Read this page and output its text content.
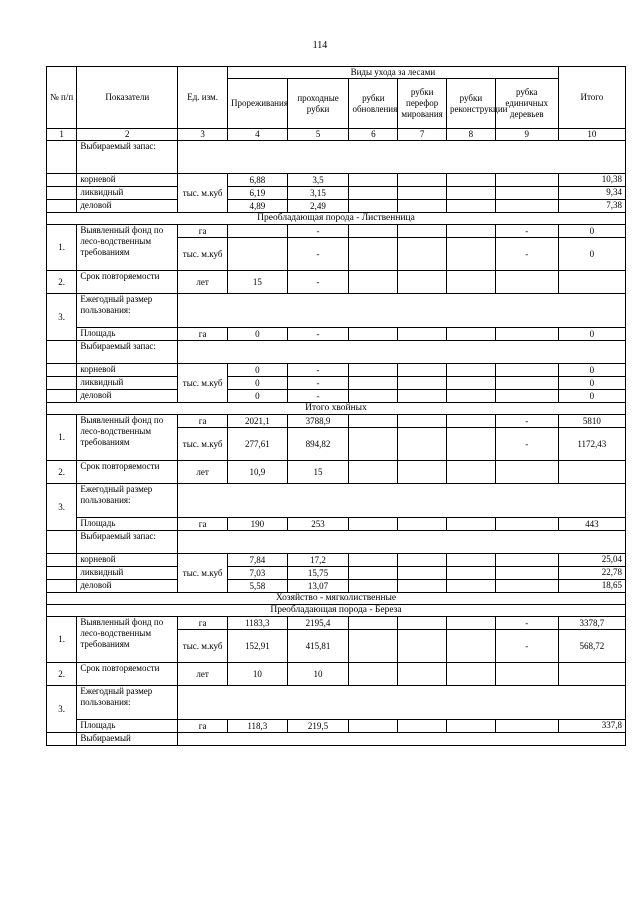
114
№ п/п	Показатели	Ед. изм.	Виды ухода за лесами						Итого
			Прореживания	проходные рубки	рубки обновления	рубки перефор мирования	рубки реконструкции	рубка единичных деревьев	
1	2	3	4	5	6	7	8	9	10
	Выбираемый запас:								
	корневой	тыс. м.куб	6,88	3,5					10,38
	ликвидный		6,19	3,15					9,34
	деловой		4,89	2,49					7,38
Преобладающая порода - Лиственница									
1.	Выявленный фонд по лесо-водственным требованиям	га		-				-	0
		тыс. м.куб		-				-	0
2.	Срок повторяемости	лет	15	-					
3.	Ежегодный размер пользования:								
	Площадь	га	0	-					0
	Выбираемый запас:								
	корневой	тыс. м.куб	0	-					0
	ликвидный		0	-					0
	деловой		0	-					0
Итого хвойных									
1.	Выявленный фонд по лесо-водственным требованиям	га	2021,1	3788,9				-	5810
		тыс. м.куб	277,61	894,82				-	1172,43
2.	Срок повторяемости	лет	10,9	15					
3.	Ежегодный размер пользования:								
	Площадь	га	190	253					443
	Выбираемый запас:								
	корневой	тыс. м.куб	7,84	17,2					25,04
	ликвидный		7,03	15,75					22,78
	деловой		5,58	13,07					18,65
Хозяйство - мягколиственные									
Преобладающая порода - Береза									
1.	Выявленный фонд по лесо-водственным требованиям	га	1183,3	2195,4				-	3378,7
		тыс. м.куб	152,91	415,81				-	568,72
2.	Срок повторяемости	лет	10	10					
3.	Ежегодный размер пользования:								
	Площадь	га	118,3	219,5					337,8
	Выбираемый								
